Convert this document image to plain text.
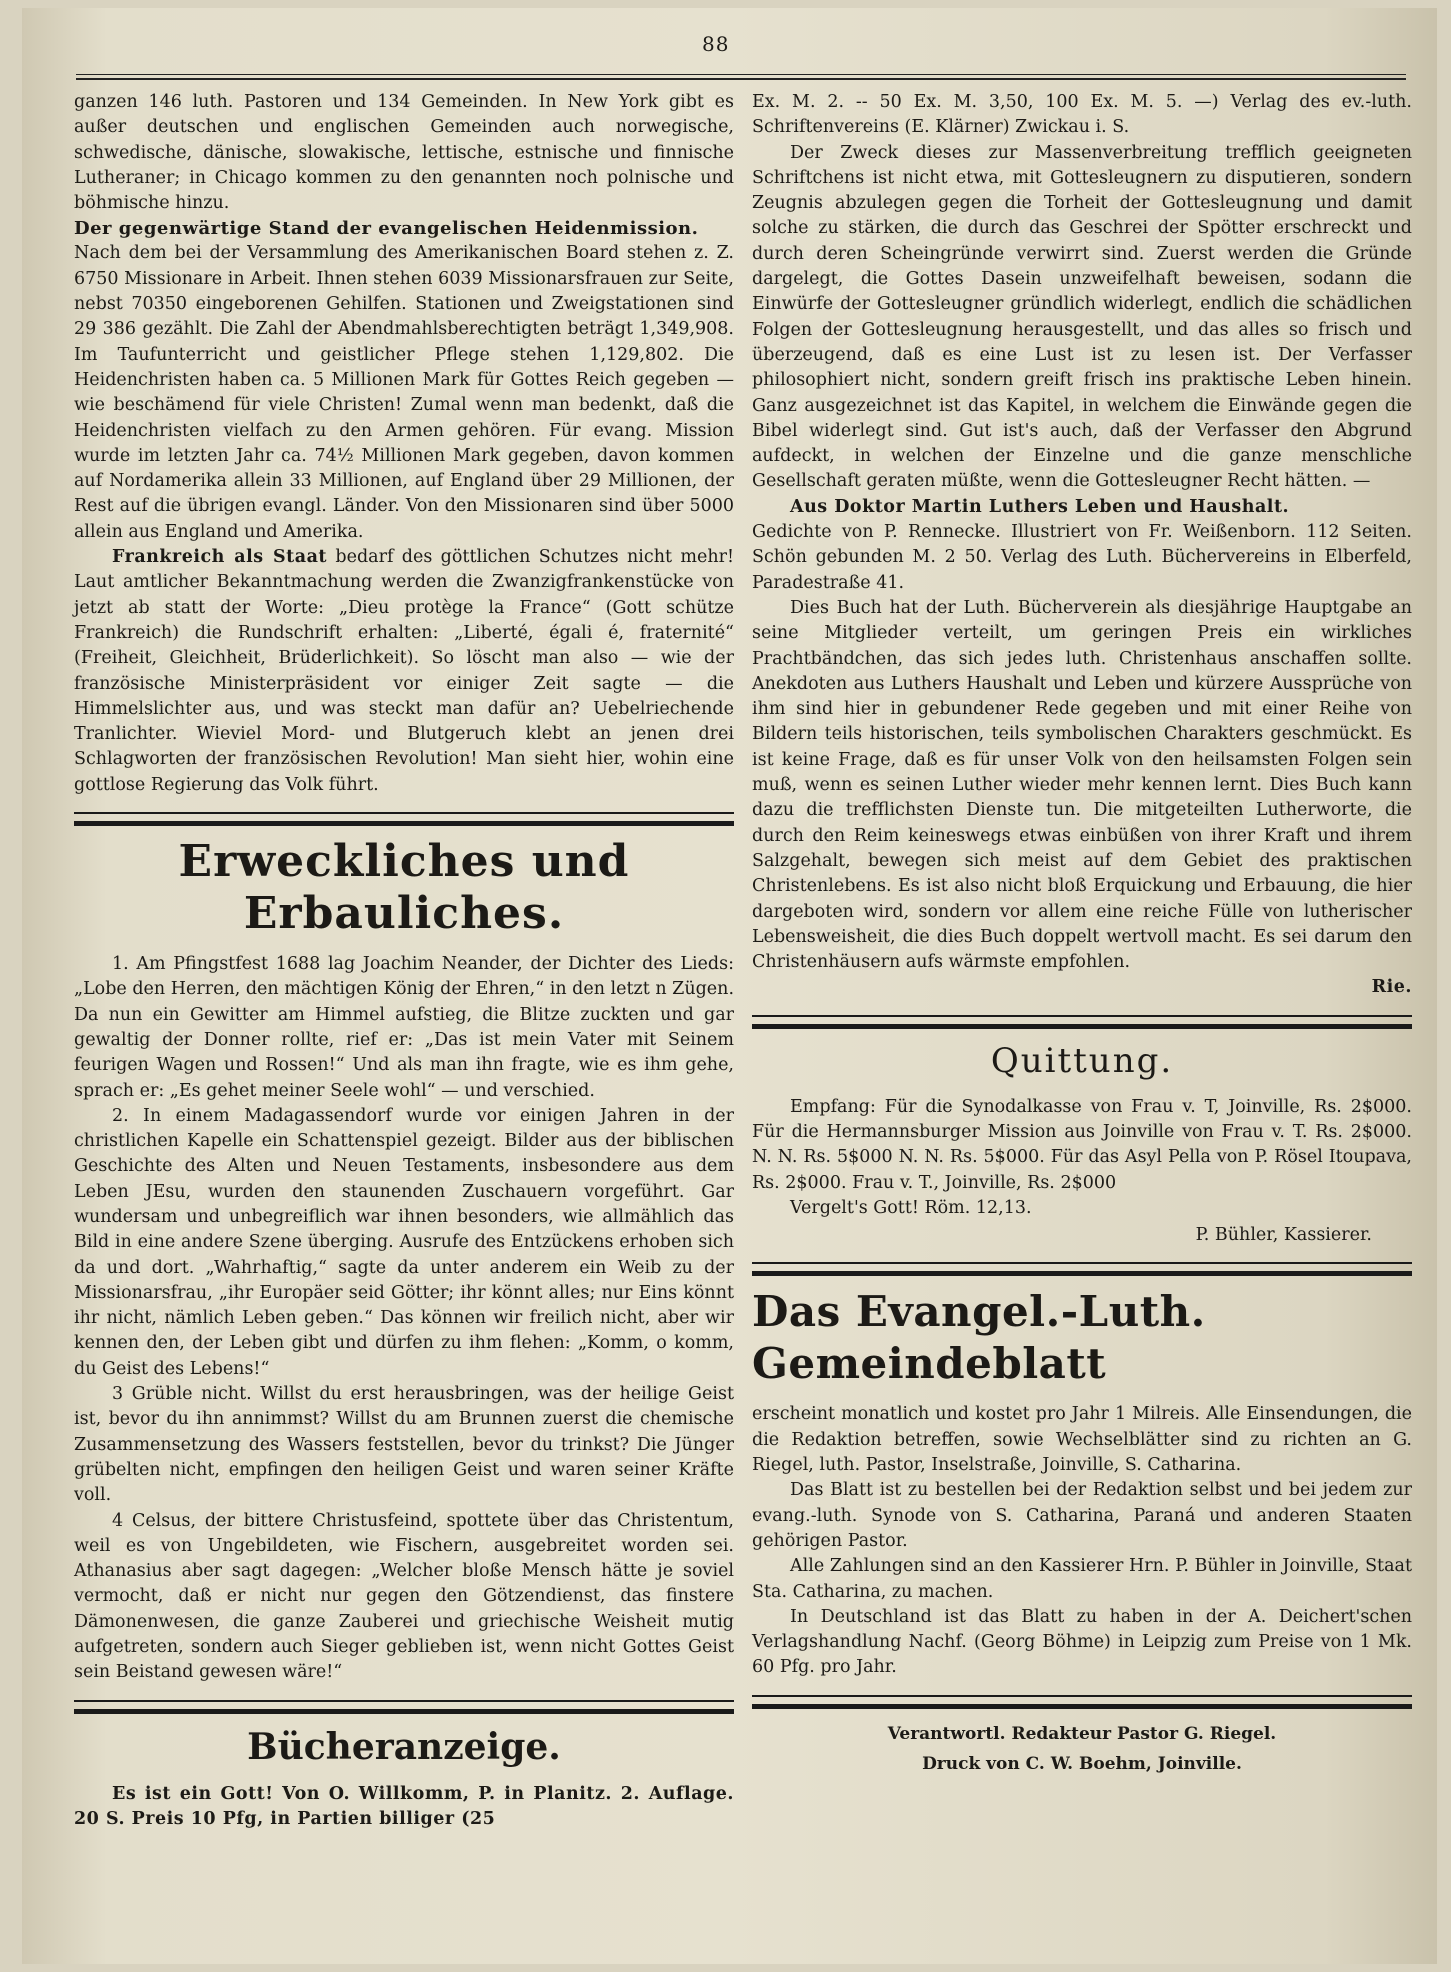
88

ganzen 146 luth. Pastoren und 134 Gemeinden. In New York gibt es außer deutschen und englischen Gemeinden auch norwegische, schwedische, dänische, slowakische, lettische, estnische und finnische Lutheraner; in Chicago kommen zu den genannten noch polnische und böhmische hinzu.

Der gegenwärtige Stand der evangelischen Heidenmission.

Nach dem bei der Versammlung des Amerikanischen Board stehen z. Z. 6750 Missionare in Arbeit. Ihnen stehen 6039 Missionarsfrauen zur Seite, nebst 70350 eingeborenen Gehilfen. Stationen und Zweigstationen sind 29 386 gezählt. Die Zahl der Abendmahlsberechtigten beträgt 1,349,908. Im Taufunterricht und geistlicher Pflege stehen 1,129,802. Die Heidenchristen haben ca. 5 Millionen Mark für Gottes Reich gegeben — wie beschämend für viele Christen! Zumal wenn man bedenkt, daß die Heidenchristen vielfach zu den Armen gehören. Für evang. Mission wurde im letzten Jahr ca. 74½ Millionen Mark gegeben, davon kommen auf Nordamerika allein 33 Millionen, auf England über 29 Millionen, der Rest auf die übrigen evangl. Länder. Von den Missionaren sind über 5000 allein aus England und Amerika.

Frankreich als Staat bedarf des göttlichen Schutzes nicht mehr! Laut amtlicher Bekanntmachung werden die Zwanzigfrankenstücke von jetzt ab statt der Worte: „Dieu protège la France“ (Gott schütze Frankreich) die Rundschrift erhalten: „Liberté, égali é, fraternité“ (Freiheit, Gleichheit, Brüderlichkeit). So löscht man also — wie der französische Ministerpräsident vor einiger Zeit sagte — die Himmelslichter aus, und was steckt man dafür an? Uebelriechende Tranlichter. Wieviel Mord- und Blutgeruch klebt an jenen drei Schlagworten der französischen Revolution! Man sieht hier, wohin eine gottlose Regierung das Volk führt.

Erweckliches und Erbauliches.

1. Am Pfingstfest 1688 lag Joachim Neander, der Dichter des Lieds: „Lobe den Herren, den mächtigen König der Ehren,“ in den letzt n Zügen. Da nun ein Gewitter am Himmel aufstieg, die Blitze zuckten und gar gewaltig der Donner rollte, rief er: „Das ist mein Vater mit Seinem feurigen Wagen und Rossen!“ Und als man ihn fragte, wie es ihm gehe, sprach er: „Es gehet meiner Seele wohl“ — und verschied.

2. In einem Madagassendorf wurde vor einigen Jahren in der christlichen Kapelle ein Schattenspiel gezeigt. Bilder aus der biblischen Geschichte des Alten und Neuen Testaments, insbesondere aus dem Leben JEsu, wurden den staunenden Zuschauern vorgeführt. Gar wundersam und unbegreiflich war ihnen besonders, wie allmählich das Bild in eine andere Szene überging. Ausrufe des Entzückens erhoben sich da und dort. „Wahrhaftig,“ sagte da unter anderem ein Weib zu der Missionarsfrau, „ihr Europäer seid Götter; ihr könnt alles; nur Eins könnt ihr nicht, nämlich Leben geben.“ Das können wir freilich nicht, aber wir kennen den, der Leben gibt und dürfen zu ihm flehen: „Komm, o komm, du Geist des Lebens!“

3 Grüble nicht. Willst du erst herausbringen, was der heilige Geist ist, bevor du ihn annimmst? Willst du am Brunnen zuerst die chemische Zusammensetzung des Wassers feststellen, bevor du trinkst? Die Jünger grübelten nicht, empfingen den heiligen Geist und waren seiner Kräfte voll.

4 Celsus, der bittere Christusfeind, spottete über das Christentum, weil es von Ungebildeten, wie Fischern, ausgebreitet worden sei. Athanasius aber sagt dagegen: „Welcher bloße Mensch hätte je soviel vermocht, daß er nicht nur gegen den Götzendienst, das finstere Dämonenwesen, die ganze Zauberei und griechische Weisheit mutig aufgetreten, sondern auch Sieger geblieben ist, wenn nicht Gottes Geist sein Beistand gewesen wäre!“

Bücheranzeige.

Es ist ein Gott! Von O. Willkomm, P. in Planitz. 2. Auflage. 20 S. Preis 10 Pfg, in Partien billiger (25

Ex. M. 2. -- 50 Ex. M. 3,50, 100 Ex. M. 5. —) Verlag des ev.-luth. Schriftenvereins (E. Klärner) Zwickau i. S.

Der Zweck dieses zur Massenverbreitung trefflich geeigneten Schriftchens ist nicht etwa, mit Gottesleugnern zu disputieren, sondern Zeugnis abzulegen gegen die Torheit der Gottesleugnung und damit solche zu stärken, die durch das Geschrei der Spötter erschreckt und durch deren Scheingründe verwirrt sind. Zuerst werden die Gründe dargelegt, die Gottes Dasein unzweifelhaft beweisen, sodann die Einwürfe der Gottesleugner gründlich widerlegt, endlich die schädlichen Folgen der Gottesleugnung herausgestellt, und das alles so frisch und überzeugend, daß es eine Lust ist zu lesen ist. Der Verfasser philosophiert nicht, sondern greift frisch ins praktische Leben hinein. Ganz ausgezeichnet ist das Kapitel, in welchem die Einwände gegen die Bibel widerlegt sind. Gut ist's auch, daß der Verfasser den Abgrund aufdeckt, in welchen der Einzelne und die ganze menschliche Gesellschaft geraten müßte, wenn die Gottesleugner Recht hätten. —

Aus Doktor Martin Luthers Leben und Haushalt.

Gedichte von P. Rennecke. Illustriert von Fr. Weißenborn. 112 Seiten. Schön gebunden M. 2 50. Verlag des Luth. Büchervereins in Elberfeld, Paradestraße 41.

Dies Buch hat der Luth. Bücherverein als diesjährige Hauptgabe an seine Mitglieder verteilt, um geringen Preis ein wirkliches Prachtbändchen, das sich jedes luth. Christenhaus anschaffen sollte. Anekdoten aus Luthers Haushalt und Leben und kürzere Aussprüche von ihm sind hier in gebundener Rede gegeben und mit einer Reihe von Bildern teils historischen, teils symbolischen Charakters geschmückt. Es ist keine Frage, daß es für unser Volk von den heilsamsten Folgen sein muß, wenn es seinen Luther wieder mehr kennen lernt. Dies Buch kann dazu die trefflichsten Dienste tun. Die mitgeteilten Lutherworte, die durch den Reim keineswegs etwas einbüßen von ihrer Kraft und ihrem Salzgehalt, bewegen sich meist auf dem Gebiet des praktischen Christenlebens. Es ist also nicht bloß Erquickung und Erbauung, die hier dargeboten wird, sondern vor allem eine reiche Fülle von lutherischer Lebensweisheit, die dies Buch doppelt wertvoll macht. Es sei darum den Christenhäusern aufs wärmste empfohlen.

Rie.

Quittung.

Empfang: Für die Synodalkasse von Frau v. T, Joinville, Rs. 2$000. Für die Hermannsburger Mission aus Joinville von Frau v. T. Rs. 2$000. N. N. Rs. 5$000 N. N. Rs. 5$000. Für das Asyl Pella von P. Rösel Itoupava, Rs. 2$000. Frau v. T., Joinville, Rs. 2$000

Vergelt's Gott! Röm. 12,13.

P. Bühler, Kassierer.

Das Evangel.-Luth. Gemeindeblatt

erscheint monatlich und kostet pro Jahr 1 Milreis. Alle Einsendungen, die die Redaktion betreffen, sowie Wechselblätter sind zu richten an G. Riegel, luth. Pastor, Inselstraße, Joinville, S. Catharina.

Das Blatt ist zu bestellen bei der Redaktion selbst und bei jedem zur evang.-luth. Synode von S. Catharina, Paraná und anderen Staaten gehörigen Pastor.

Alle Zahlungen sind an den Kassierer Hrn. P. Bühler in Joinville, Staat Sta. Catharina, zu machen.

In Deutschland ist das Blatt zu haben in der A. Deichert'schen Verlagshandlung Nachf. (Georg Böhme) in Leipzig zum Preise von 1 Mk. 60 Pfg. pro Jahr.

Verantwortl. Redakteur Pastor G. Riegel.
Druck von C. W. Boehm, Joinville.
